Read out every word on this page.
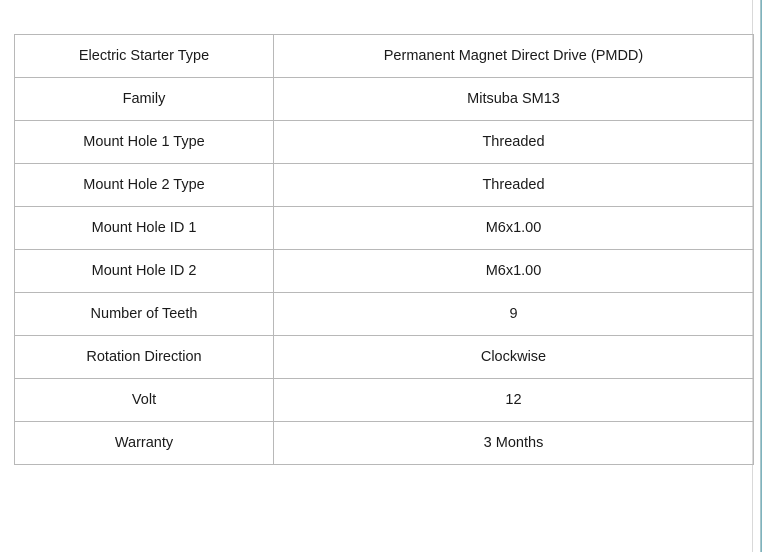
Electric Starter Type	Permanent Magnet Direct Drive (PMDD)
Family	Mitsuba SM13
Mount Hole 1 Type	Threaded
Mount Hole 2 Type	Threaded
Mount Hole ID 1	M6x1.00
Mount Hole ID 2	M6x1.00
Number of Teeth	9
Rotation Direction	Clockwise
Volt	12
Warranty	3 Months
